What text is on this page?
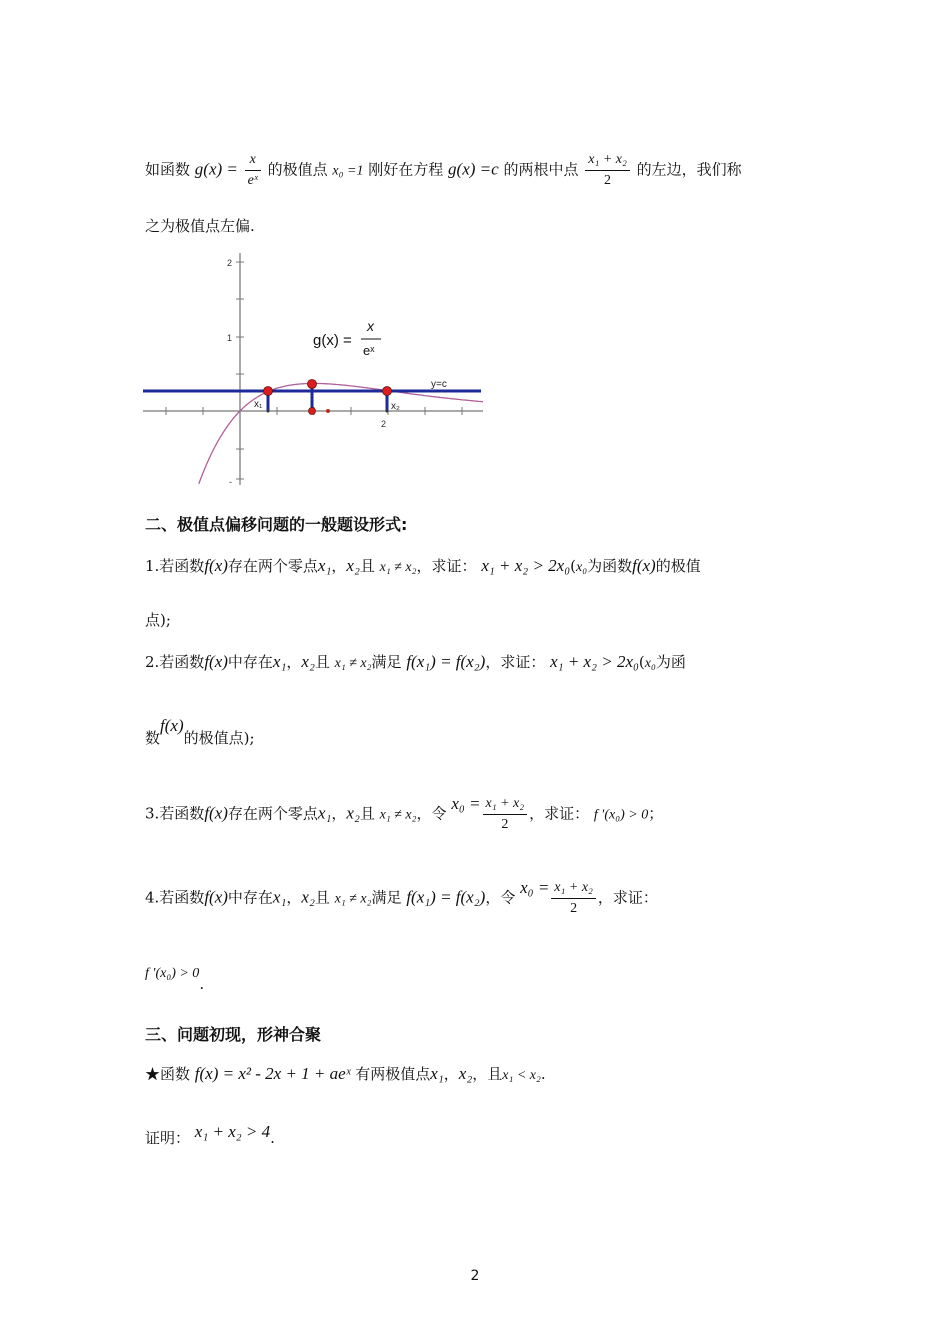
如函数 $g(x) = \frac{x}{\text{eˣ}}$ 的极值点 x₀ =1 刚好在方程 g(x) =c 的两根中点 $\frac{\text{x₁ + x₂}}{2}$ 的左边，我们称
之为极值点左偏.
2
1
-
y=c
x₁	x₂
2
g(x) =
x
eˣ
二、极值点偏移问题的一般题设形式:
1.若函数f(x)存在两个零点x₁，x₂且 x₁ ≠ x₂，求证： x₁ + x₂ > 2x₀(x₀为函数f(x)的极值
点);
2.若函数f(x)中存在x₁，x₂且 x₁ ≠ x₂满足 f(x₁) = f(x₂)，求证： x₁ + x₂ > 2x₀(x₀为函
数f(x)的极值点);
3.若函数f(x)存在两个零点x₁，x₂且 x₁ ≠ x₂，令 $x_0 = \frac{\text{x₁ + x₂}}{2}$ ，求证： f ′(x₀) > 0；
4.若函数f(x)中存在x₁，x₂且 x₁ ≠ x₂满足 f(x₁) = f(x₂)，令 $x_0 = \frac{\text{x₁ + x₂}}{2}$ ，求证：
f ′(x₀) > 0.
三、问题初现，形神合聚
★函数 f(x) = x² - 2x + 1 + aeˣ 有两极值点x₁，x₂，且x₁ < x₂.
证明： x₁ + x₂ > 4.
2
